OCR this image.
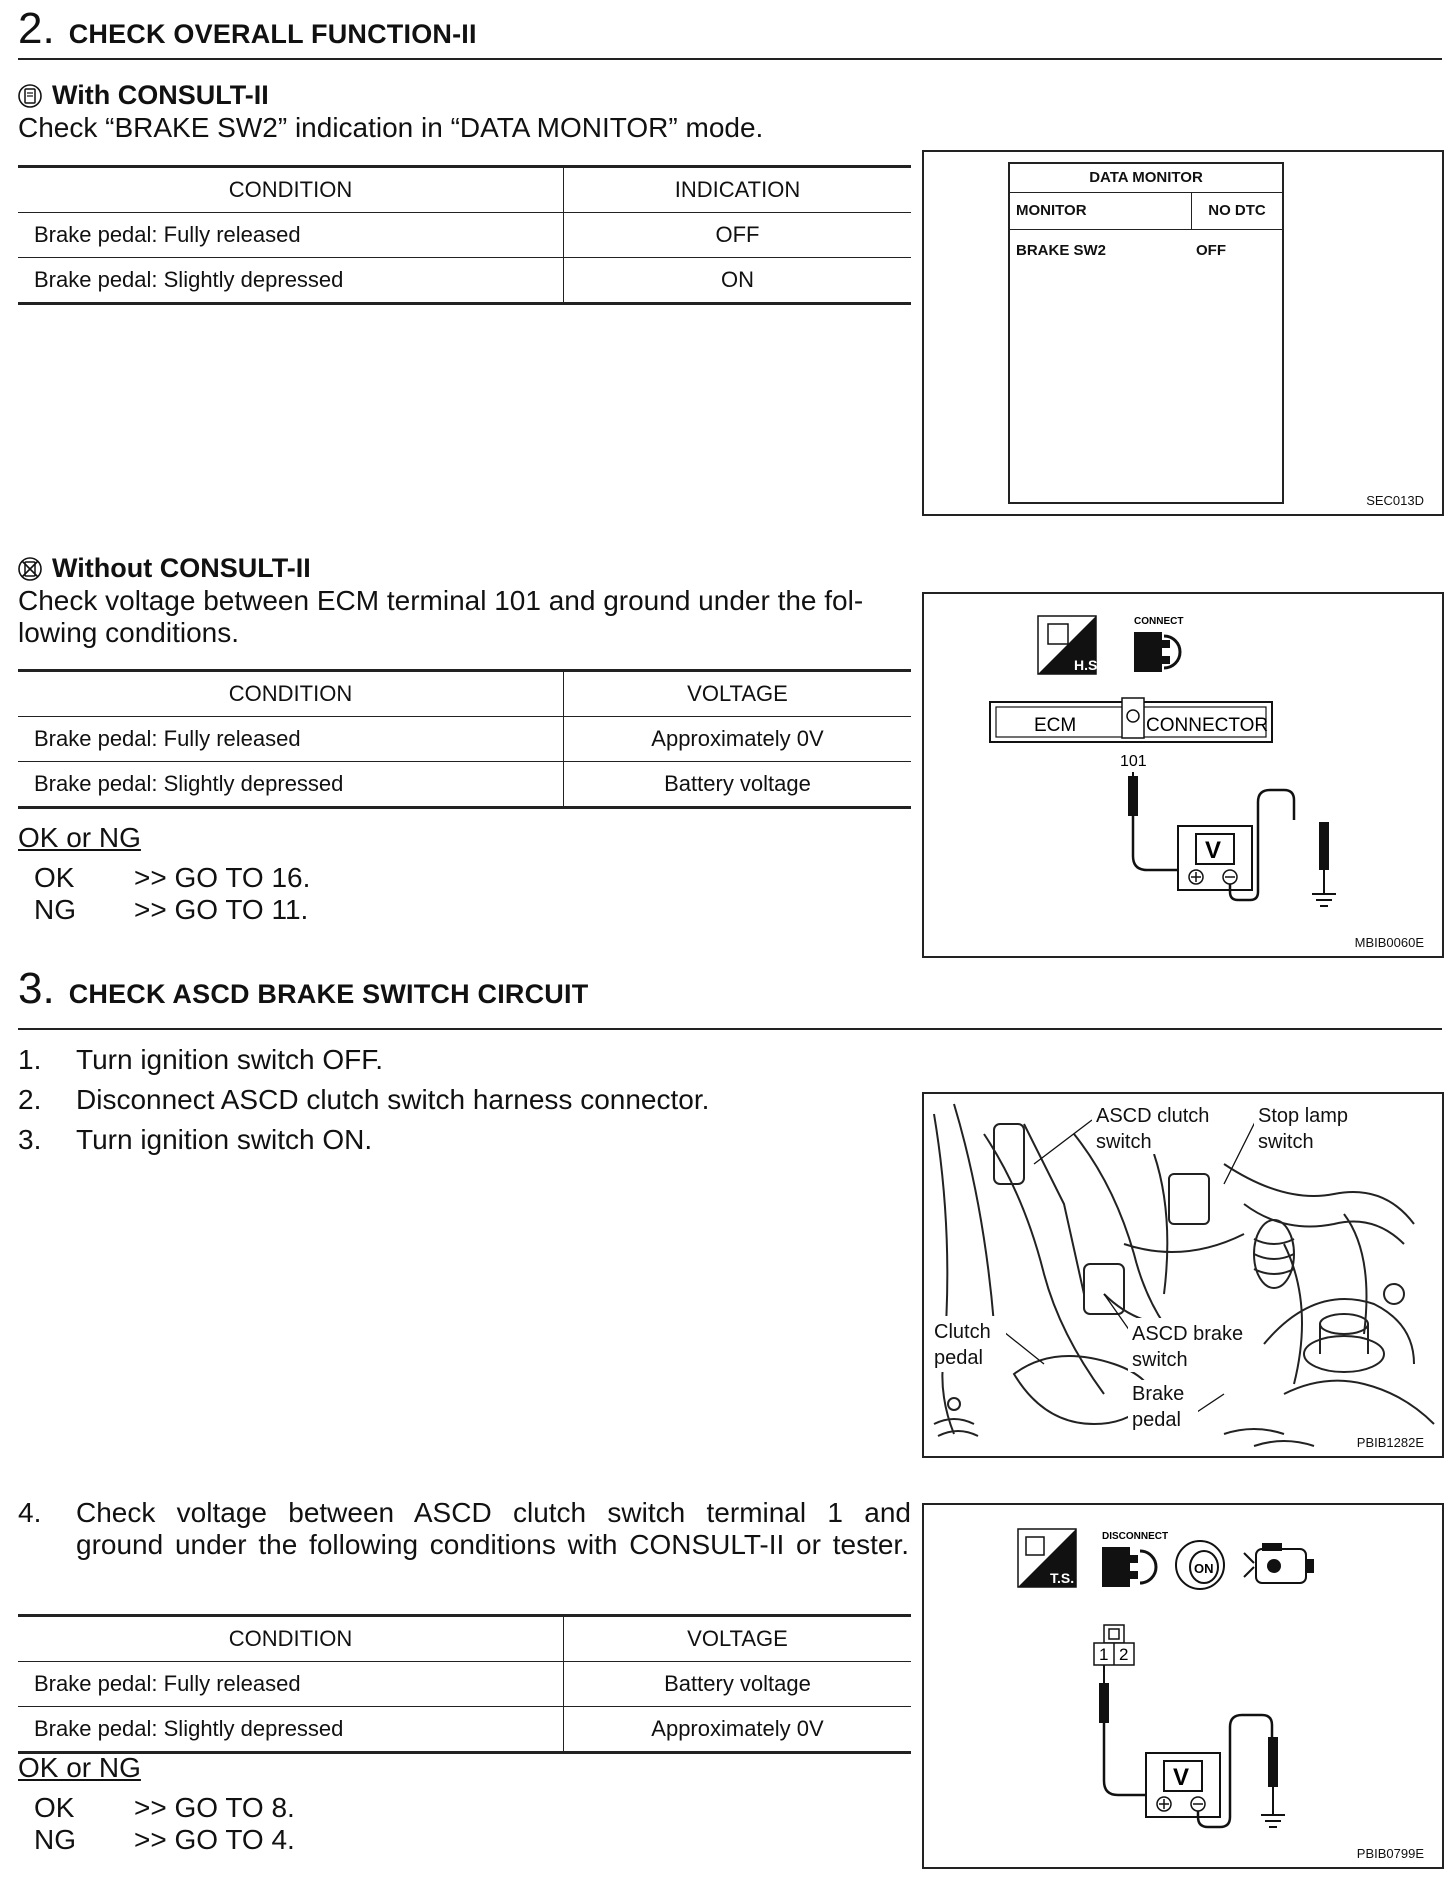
2. CHECK OVERALL FUNCTION-II
With CONSULT-II
Check “BRAKE SW2” indication in “DATA MONITOR” mode.
CONDITION	INDICATION
Brake pedal: Fully released	OFF
Brake pedal: Slightly depressed	ON
SEC013D
DATA MONITOR
MONITOR	NO DTC
BRAKE SW2	OFF
Without CONSULT-II
Check voltage between ECM terminal 101 and ground under the fol-lowing conditions.
CONDITION	VOLTAGE
Brake pedal: Fully released	Approximately 0V
Brake pedal: Slightly depressed	Battery voltage
OK or NG
OK	>> GO TO 16.
NG	>> GO TO 11.
H.S.
CONNECT
ECM	CONNECTOR
101
V
MBIB0060E
3. CHECK ASCD BRAKE SWITCH CIRCUIT
1.	Turn ignition switch OFF.
2.	Disconnect ASCD clutch switch harness connector.
3.	Turn ignition switch ON.
ASCD clutch
switch
Stop lamp
switch
Clutch
pedal
ASCD brake
switch
Brake
pedal
PBIB1282E
4.	Check voltage between ASCD clutch switch terminal 1 and ground under the following conditions with CONSULT-II or tester.
CONDITION	VOLTAGE
Brake pedal: Fully released	Battery voltage
Brake pedal: Slightly depressed	Approximately 0V
OK or NG
OK	>> GO TO 8.
NG	>> GO TO 4.
T.S.
DISCONNECT
ON
1 2
V
PBIB0799E
